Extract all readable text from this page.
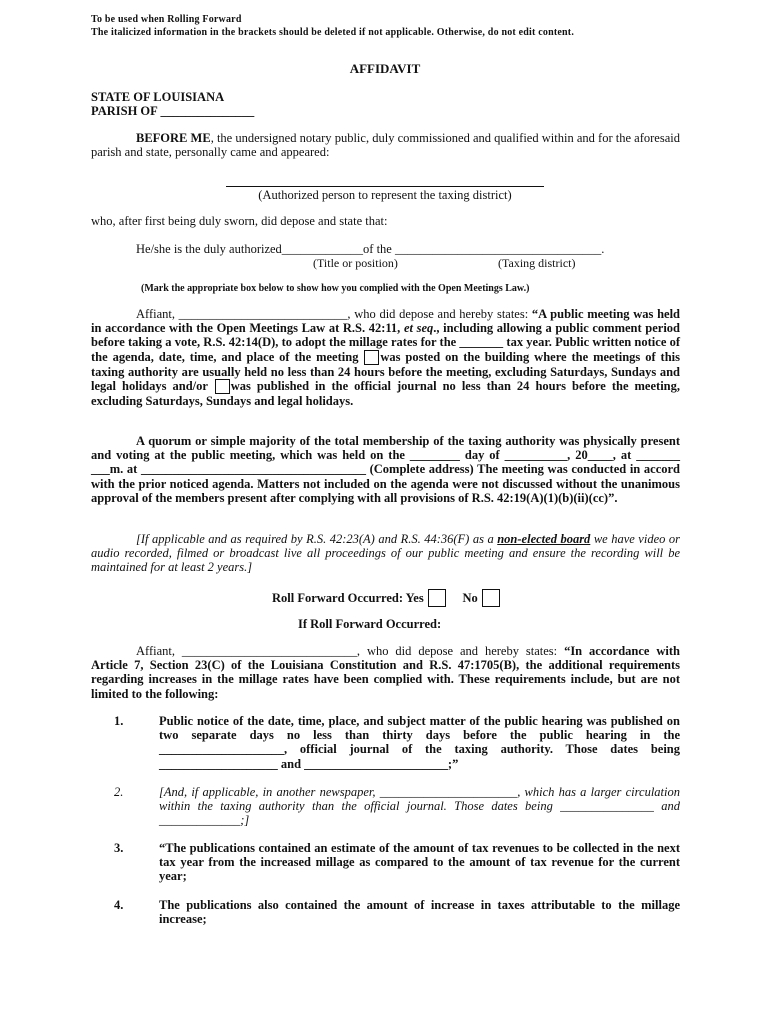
To be used when Rolling Forward
The italicized information in the brackets should be deleted if not applicable. Otherwise, do not edit content.
AFFIDAVIT
STATE OF LOUISIANA
PARISH OF _______________
BEFORE ME, the undersigned notary public, duly commissioned and qualified within and for the aforesaid parish and state, personally came and appeared:
(Authorized person to represent the taxing district)
who, after first being duly sworn, did depose and state that:
He/she is the duly authorized_____________of the _________________________________.
(Title or position)	(Taxing district)
(Mark the appropriate box below to show how you complied with the Open Meetings Law.)
Affiant, ___________________________, who did depose and hereby states: “A public meeting was held in accordance with the Open Meetings Law at R.S. 42:11, et seq., including allowing a public comment period before taking a vote, R.S. 42:14(D), to adopt the millage rates for the _______ tax year. Public written notice of the agenda, date, time, and place of the meeting was posted on the building where the meetings of this taxing authority are usually held no less than 24 hours before the meeting, excluding Saturdays, Sundays and legal holidays and/or was published in the official journal no less than 24 hours before the meeting, excluding Saturdays, Sundays and legal holidays.
A quorum or simple majority of the total membership of the taxing authority was physically present and voting at the public meeting, which was held on the ________ day of __________, 20____, at _______ ___m. at ____________________________________ (Complete address) The meeting was conducted in accord with the prior noticed agenda. Matters not included on the agenda were not discussed without the unanimous approval of the members present after complying with all provisions of R.S. 42:19(A)(1)(b)(ii)(cc)”.
[If applicable and as required by R.S. 42:23(A) and R.S. 44:36(F) as a non-elected board we have video or audio recorded, filmed or broadcast live all proceedings of our public meeting and ensure the recording will be maintained for at least 2 years.]
Roll Forward Occurred: Yes	No
If Roll Forward Occurred:
Affiant, ____________________________, who did depose and hereby states: “In accordance with Article 7, Section 23(C) of the Louisiana Constitution and R.S. 47:1705(B), the additional requirements regarding increases in the millage rates have been complied with. These requirements include, but are not limited to the following:
1.	Public notice of the date, time, place, and subject matter of the public hearing was published on two separate days no less than thirty days before the public hearing in the ____________________, official journal of the taxing authority. Those dates being ___________________ and _______________________;”
2.	[And, if applicable, in another newspaper, ______________________, which has a larger circulation within the taxing authority than the official journal. Those dates being _______________ and _____________;]
3.	“The publications contained an estimate of the amount of tax revenues to be collected in the next tax year from the increased millage as compared to the amount of tax revenue for the current year;
4.	The publications also contained the amount of increase in taxes attributable to the millage increase;
